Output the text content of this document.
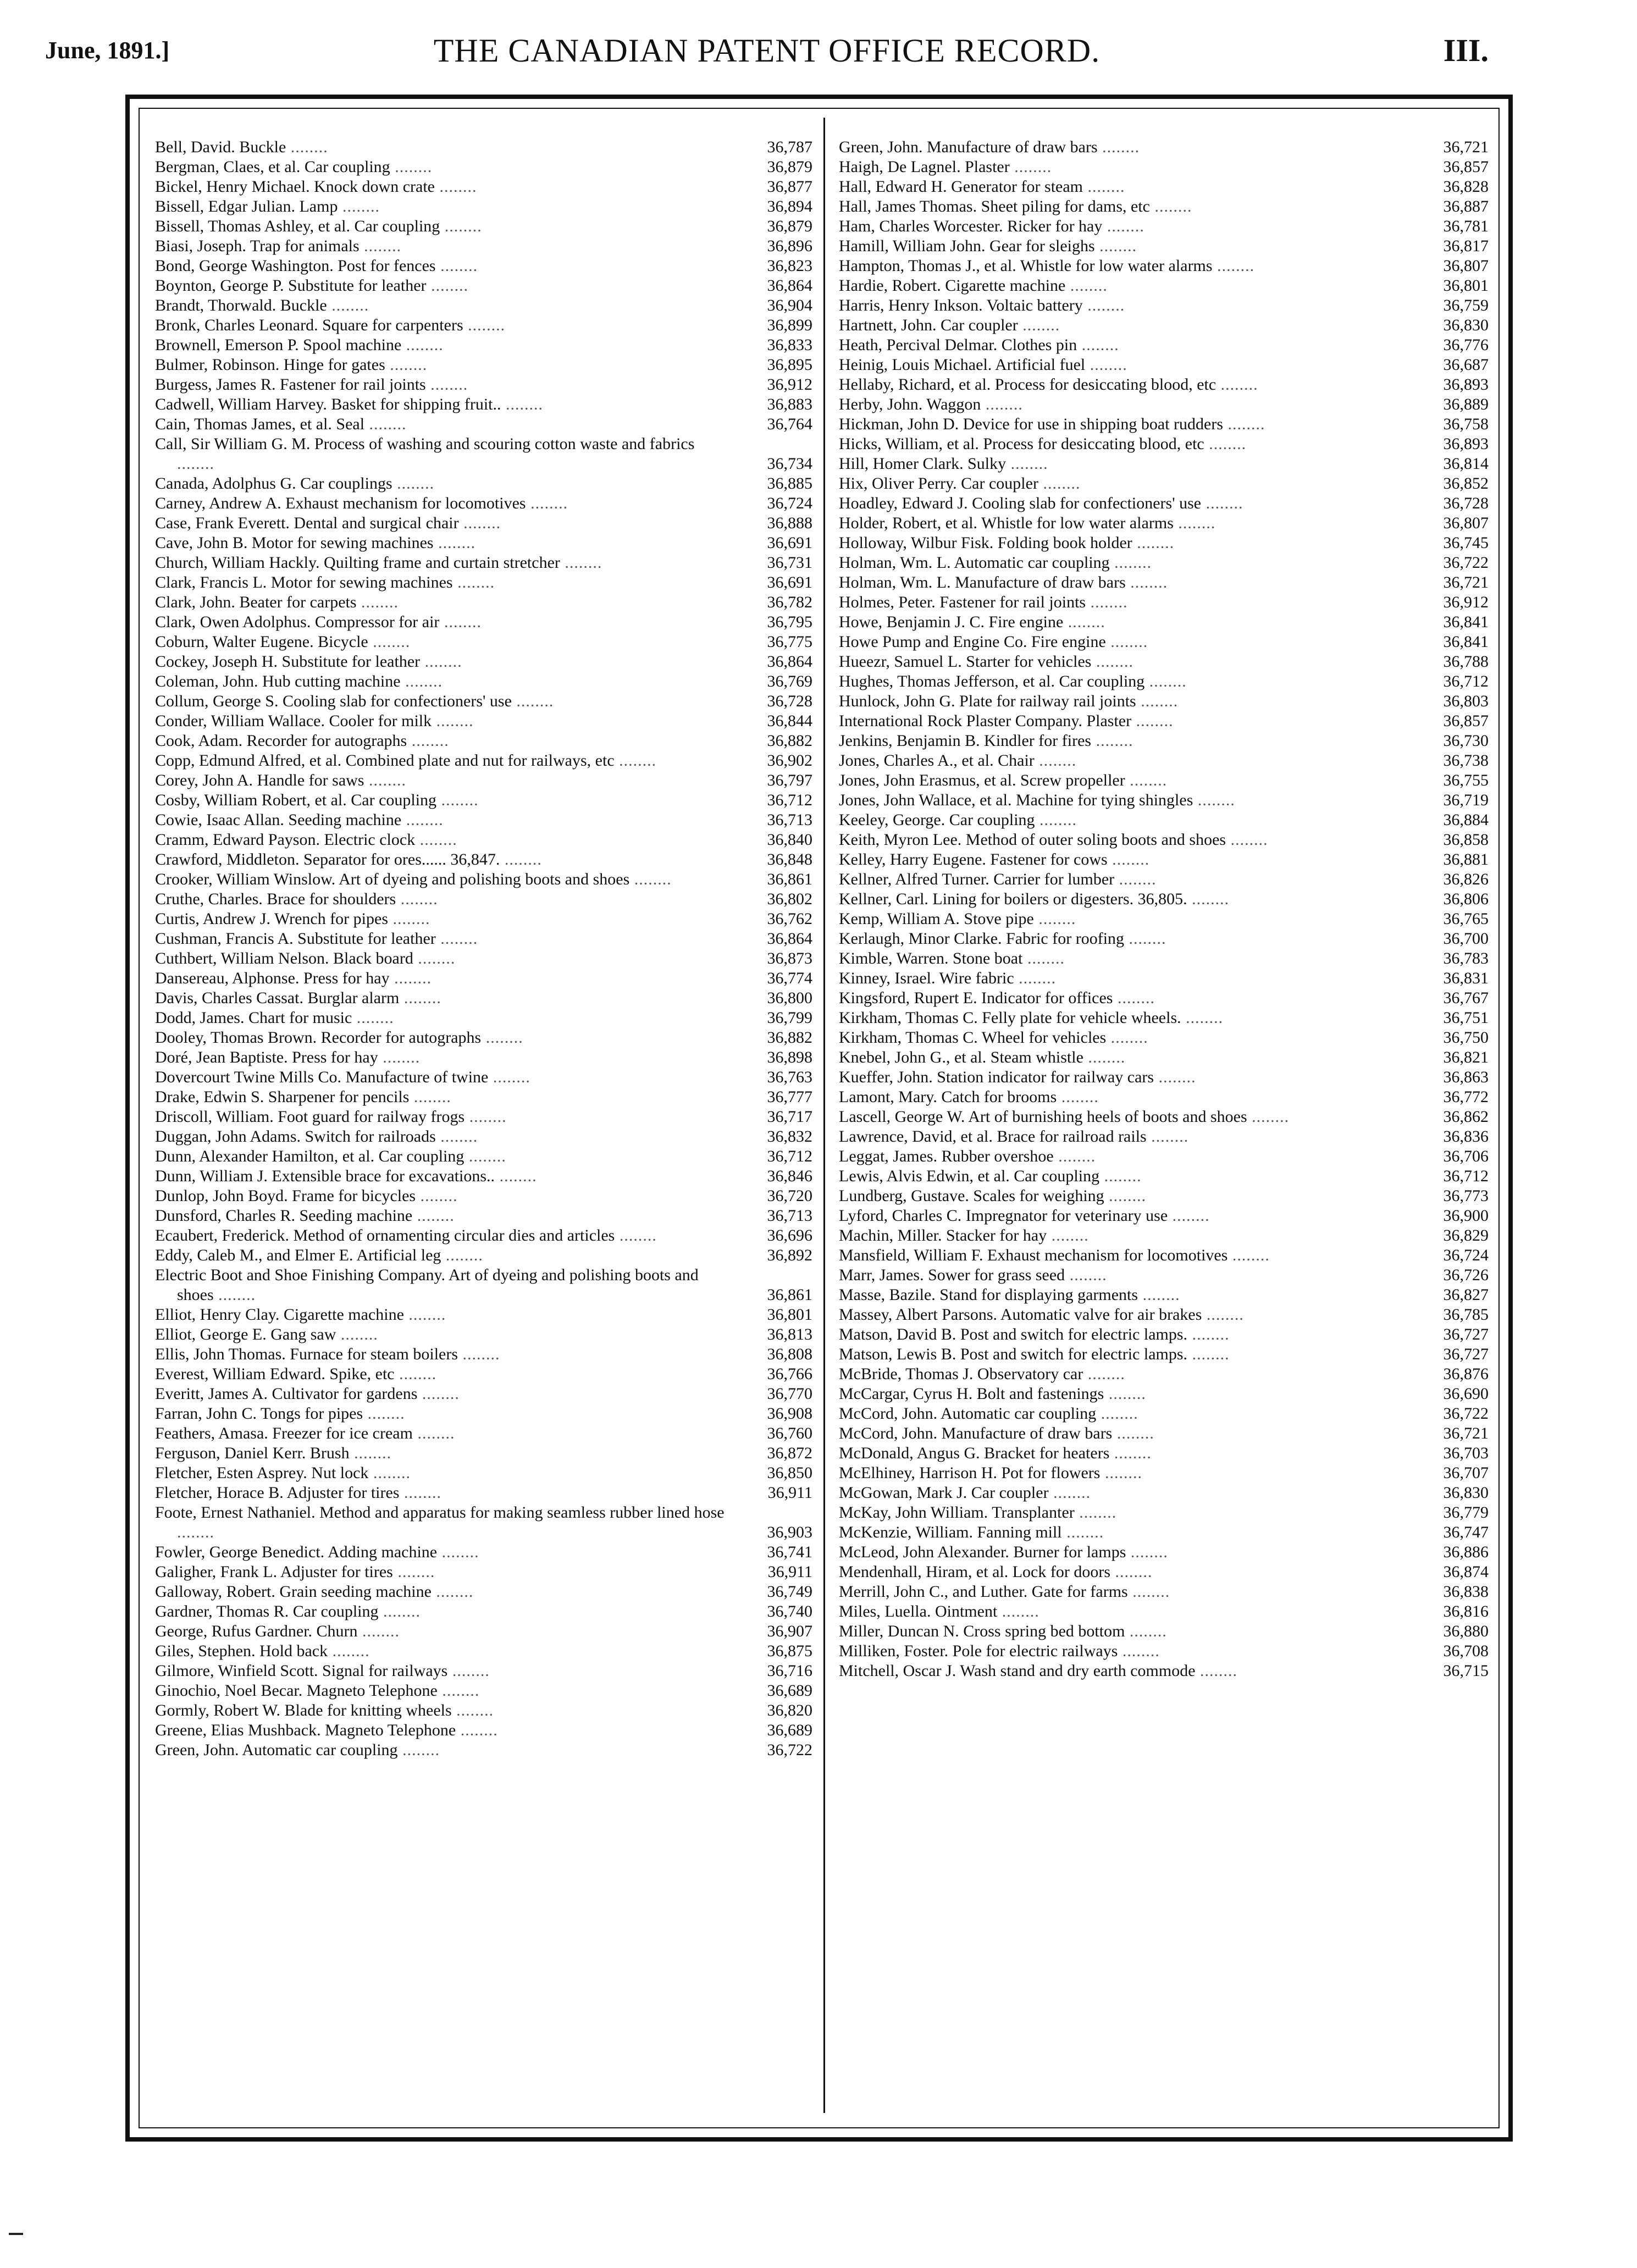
June, 1891.]	THE CANADIAN PATENT OFFICE RECORD.	III.
Bell, David. Buckle ........	36,787
Bergman, Claes, et al. Car coupling ........	36,879
Bickel, Henry Michael. Knock down crate ........	36,877
Bissell, Edgar Julian. Lamp ........	36,894
Bissell, Thomas Ashley, et al. Car coupling ........	36,879
Biasi, Joseph. Trap for animals ........	36,896
Bond, George Washington. Post for fences ........	36,823
Boynton, George P. Substitute for leather ........	36,864
Brandt, Thorwald. Buckle ........	36,904
Bronk, Charles Leonard. Square for carpenters ........	36,899
Brownell, Emerson P. Spool machine ........	36,833
Bulmer, Robinson. Hinge for gates ........	36,895
Burgess, James R. Fastener for rail joints ........	36,912
Cadwell, William Harvey. Basket for shipping fruit.. ........	36,883
Cain, Thomas James, et al. Seal ........	36,764
Call, Sir William G. M. Process of washing and scouring cotton waste and fabrics ........	36,734
Canada, Adolphus G. Car couplings ........	36,885
Carney, Andrew A. Exhaust mechanism for locomotives ........	36,724
Case, Frank Everett. Dental and surgical chair ........	36,888
Cave, John B. Motor for sewing machines ........	36,691
Church, William Hackly. Quilting frame and curtain stretcher ........	36,731
Clark, Francis L. Motor for sewing machines ........	36,691
Clark, John. Beater for carpets ........	36,782
Clark, Owen Adolphus. Compressor for air ........	36,795
Coburn, Walter Eugene. Bicycle ........	36,775
Cockey, Joseph H. Substitute for leather ........	36,864
Coleman, John. Hub cutting machine ........	36,769
Collum, George S. Cooling slab for confectioners' use ........	36,728
Conder, William Wallace. Cooler for milk ........	36,844
Cook, Adam. Recorder for autographs ........	36,882
Copp, Edmund Alfred, et al. Combined plate and nut for railways, etc ........	36,902
Corey, John A. Handle for saws ........	36,797
Cosby, William Robert, et al. Car coupling ........	36,712
Cowie, Isaac Allan. Seeding machine ........	36,713
Cramm, Edward Payson. Electric clock ........	36,840
Crawford, Middleton. Separator for ores...... 36,847. ........	36,848
Crooker, William Winslow. Art of dyeing and polishing boots and shoes ........	36,861
Cruthe, Charles. Brace for shoulders ........	36,802
Curtis, Andrew J. Wrench for pipes ........	36,762
Cushman, Francis A. Substitute for leather ........	36,864
Cuthbert, William Nelson. Black board ........	36,873
Dansereau, Alphonse. Press for hay ........	36,774
Davis, Charles Cassat. Burglar alarm ........	36,800
Dodd, James. Chart for music ........	36,799
Dooley, Thomas Brown. Recorder for autographs ........	36,882
Doré, Jean Baptiste. Press for hay ........	36,898
Dovercourt Twine Mills Co. Manufacture of twine ........	36,763
Drake, Edwin S. Sharpener for pencils ........	36,777
Driscoll, William. Foot guard for railway frogs ........	36,717
Duggan, John Adams. Switch for railroads ........	36,832
Dunn, Alexander Hamilton, et al. Car coupling ........	36,712
Dunn, William J. Extensible brace for excavations.. ........	36,846
Dunlop, John Boyd. Frame for bicycles ........	36,720
Dunsford, Charles R. Seeding machine ........	36,713
Ecaubert, Frederick. Method of ornamenting circular dies and articles ........	36,696
Eddy, Caleb M., and Elmer E. Artificial leg ........	36,892
Electric Boot and Shoe Finishing Company. Art of dyeing and polishing boots and shoes ........	36,861
Elliot, Henry Clay. Cigarette machine ........	36,801
Elliot, George E. Gang saw ........	36,813
Ellis, John Thomas. Furnace for steam boilers ........	36,808
Everest, William Edward. Spike, etc ........	36,766
Everitt, James A. Cultivator for gardens ........	36,770
Farran, John C. Tongs for pipes ........	36,908
Feathers, Amasa. Freezer for ice cream ........	36,760
Ferguson, Daniel Kerr. Brush ........	36,872
Fletcher, Esten Asprey. Nut lock ........	36,850
Fletcher, Horace B. Adjuster for tires ........	36,911
Foote, Ernest Nathaniel. Method and apparatus for making seamless rubber lined hose ........	36,903
Fowler, George Benedict. Adding machine ........	36,741
Galigher, Frank L. Adjuster for tires ........	36,911
Galloway, Robert. Grain seeding machine ........	36,749
Gardner, Thomas R. Car coupling ........	36,740
George, Rufus Gardner. Churn ........	36,907
Giles, Stephen. Hold back ........	36,875
Gilmore, Winfield Scott. Signal for railways ........	36,716
Ginochio, Noel Becar. Magneto Telephone ........	36,689
Gormly, Robert W. Blade for knitting wheels ........	36,820
Greene, Elias Mushback. Magneto Telephone ........	36,689
Green, John. Automatic car coupling ........	36,722
Green, John. Manufacture of draw bars ........	36,721
Haigh, De Lagnel. Plaster ........	36,857
Hall, Edward H. Generator for steam ........	36,828
Hall, James Thomas. Sheet piling for dams, etc ........	36,887
Ham, Charles Worcester. Ricker for hay ........	36,781
Hamill, William John. Gear for sleighs ........	36,817
Hampton, Thomas J., et al. Whistle for low water alarms ........	36,807
Hardie, Robert. Cigarette machine ........	36,801
Harris, Henry Inkson. Voltaic battery ........	36,759
Hartnett, John. Car coupler ........	36,830
Heath, Percival Delmar. Clothes pin ........	36,776
Heinig, Louis Michael. Artificial fuel ........	36,687
Hellaby, Richard, et al. Process for desiccating blood, etc ........	36,893
Herby, John. Waggon ........	36,889
Hickman, John D. Device for use in shipping boat rudders ........	36,758
Hicks, William, et al. Process for desiccating blood, etc ........	36,893
Hill, Homer Clark. Sulky ........	36,814
Hix, Oliver Perry. Car coupler ........	36,852
Hoadley, Edward J. Cooling slab for confectioners' use ........	36,728
Holder, Robert, et al. Whistle for low water alarms ........	36,807
Holloway, Wilbur Fisk. Folding book holder ........	36,745
Holman, Wm. L. Automatic car coupling ........	36,722
Holman, Wm. L. Manufacture of draw bars ........	36,721
Holmes, Peter. Fastener for rail joints ........	36,912
Howe, Benjamin J. C. Fire engine ........	36,841
Howe Pump and Engine Co. Fire engine ........	36,841
Hueezr, Samuel L. Starter for vehicles ........	36,788
Hughes, Thomas Jefferson, et al. Car coupling ........	36,712
Hunlock, John G. Plate for railway rail joints ........	36,803
International Rock Plaster Company. Plaster ........	36,857
Jenkins, Benjamin B. Kindler for fires ........	36,730
Jones, Charles A., et al. Chair ........	36,738
Jones, John Erasmus, et al. Screw propeller ........	36,755
Jones, John Wallace, et al. Machine for tying shingles ........	36,719
Keeley, George. Car coupling ........	36,884
Keith, Myron Lee. Method of outer soling boots and shoes ........	36,858
Kelley, Harry Eugene. Fastener for cows ........	36,881
Kellner, Alfred Turner. Carrier for lumber ........	36,826
Kellner, Carl. Lining for boilers or digesters. 36,805. ........	36,806
Kemp, William A. Stove pipe ........	36,765
Kerlaugh, Minor Clarke. Fabric for roofing ........	36,700
Kimble, Warren. Stone boat ........	36,783
Kinney, Israel. Wire fabric ........	36,831
Kingsford, Rupert E. Indicator for offices ........	36,767
Kirkham, Thomas C. Felly plate for vehicle wheels. ........	36,751
Kirkham, Thomas C. Wheel for vehicles ........	36,750
Knebel, John G., et al. Steam whistle ........	36,821
Kueffer, John. Station indicator for railway cars ........	36,863
Lamont, Mary. Catch for brooms ........	36,772
Lascell, George W. Art of burnishing heels of boots and shoes ........	36,862
Lawrence, David, et al. Brace for railroad rails ........	36,836
Leggat, James. Rubber overshoe ........	36,706
Lewis, Alvis Edwin, et al. Car coupling ........	36,712
Lundberg, Gustave. Scales for weighing ........	36,773
Lyford, Charles C. Impregnator for veterinary use ........	36,900
Machin, Miller. Stacker for hay ........	36,829
Mansfield, William F. Exhaust mechanism for locomotives ........	36,724
Marr, James. Sower for grass seed ........	36,726
Masse, Bazile. Stand for displaying garments ........	36,827
Massey, Albert Parsons. Automatic valve for air brakes ........	36,785
Matson, David B. Post and switch for electric lamps. ........	36,727
Matson, Lewis B. Post and switch for electric lamps. ........	36,727
McBride, Thomas J. Observatory car ........	36,876
McCargar, Cyrus H. Bolt and fastenings ........	36,690
McCord, John. Automatic car coupling ........	36,722
McCord, John. Manufacture of draw bars ........	36,721
McDonald, Angus G. Bracket for heaters ........	36,703
McElhiney, Harrison H. Pot for flowers ........	36,707
McGowan, Mark J. Car coupler ........	36,830
McKay, John William. Transplanter ........	36,779
McKenzie, William. Fanning mill ........	36,747
McLeod, John Alexander. Burner for lamps ........	36,886
Mendenhall, Hiram, et al. Lock for doors ........	36,874
Merrill, John C., and Luther. Gate for farms ........	36,838
Miles, Luella. Ointment ........	36,816
Miller, Duncan N. Cross spring bed bottom ........	36,880
Milliken, Foster. Pole for electric railways ........	36,708
Mitchell, Oscar J. Wash stand and dry earth commode ........	36,715
